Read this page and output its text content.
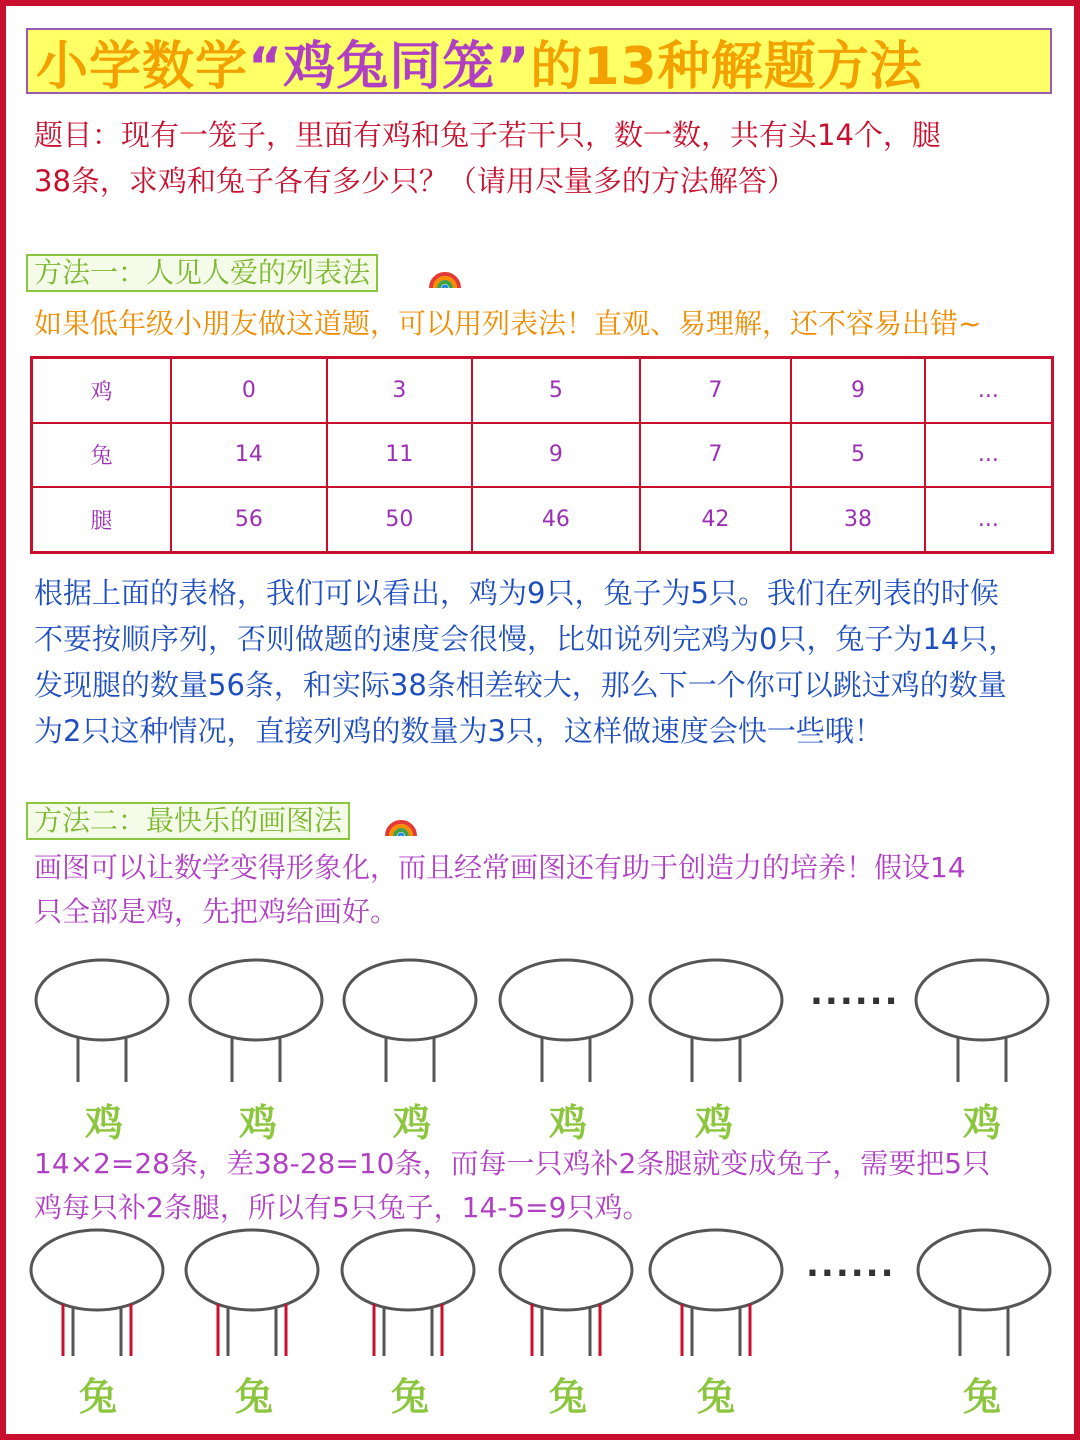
小学数学 “鸡兔同笼” 的13种解题方法
题目：现有一笼子，里面有鸡和兔子若干只，数一数，共有头14个，腿
38条，求鸡和兔子各有多少只？（请用尽量多的方法解答）
方法一：人见人爱的列表法
如果低年级小朋友做这道题，可以用列表法！直观、易理解，还不容易出错~
鸡	0	3	5	7	9	...
兔	14	11	9	7	5	...
腿	56	50	46	42	38	...
根据上面的表格，我们可以看出，鸡为9只，兔子为5只。我们在列表的时候
不要按顺序列，否则做题的速度会很慢，比如说列完鸡为0只，兔子为14只，
发现腿的数量56条，和实际38条相差较大，那么下一个你可以跳过鸡的数量
为2只这种情况，直接列鸡的数量为3只，这样做速度会快一些哦！
方法二：最快乐的画图法
画图可以让数学变得形象化，而且经常画图还有助于创造力的培养！假设14
只全部是鸡，先把鸡给画好。
......
......
鸡	鸡	鸡	鸡	鸡	鸡
14×2=28条，差38-28=10条，而每一只鸡补2条腿就变成兔子，需要把5只
鸡每只补2条腿，所以有5只兔子，14-5=9只鸡。
兔	兔	兔	兔	兔	兔
